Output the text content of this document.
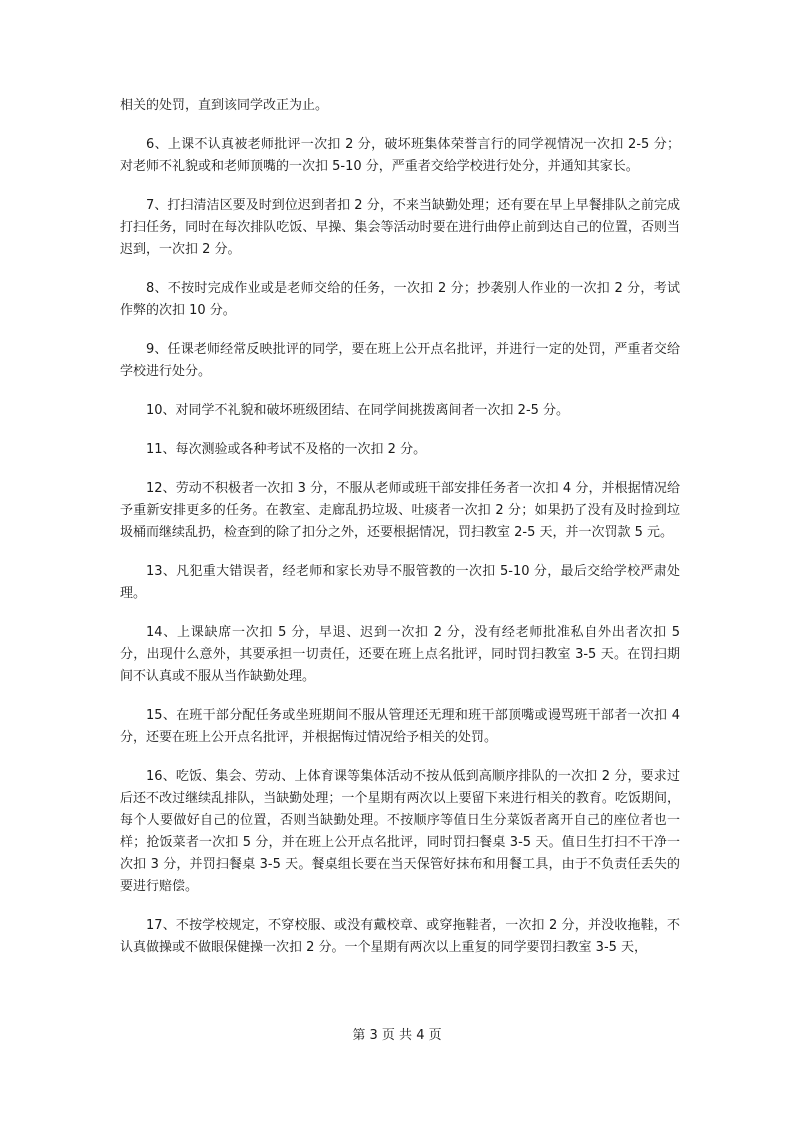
相关的处罚，直到该同学改正为止。

6、上课不认真被老师批评一次扣 2 分，破坏班集体荣誉言行的同学视情况一次扣 2-5 分；对老师不礼貌或和老师顶嘴的一次扣 5-10 分，严重者交给学校进行处分，并通知其家长。

7、打扫清洁区要及时到位迟到者扣 2 分，不来当缺勤处理；还有要在早上早餐排队之前完成打扫任务，同时在每次排队吃饭、早操、集会等活动时要在进行曲停止前到达自己的位置，否则当迟到，一次扣 2 分。

8、不按时完成作业或是老师交给的任务，一次扣 2 分；抄袭别人作业的一次扣 2 分，考试作弊的次扣 10 分。

9、任课老师经常反映批评的同学，要在班上公开点名批评，并进行一定的处罚，严重者交给学校进行处分。

10、对同学不礼貌和破坏班级团结、在同学间挑拨离间者一次扣 2-5 分。

11、每次测验或各种考试不及格的一次扣 2 分。

12、劳动不积极者一次扣 3 分，不服从老师或班干部安排任务者一次扣 4 分，并根据情况给予重新安排更多的任务。在教室、走廊乱扔垃圾、吐痰者一次扣 2 分；如果扔了没有及时捡到垃圾桶而继续乱扔，检查到的除了扣分之外，还要根据情况，罚扫教室 2-5 天，并一次罚款 5 元。

13、凡犯重大错误者，经老师和家长劝导不服管教的一次扣 5-10 分，最后交给学校严肃处理。

14、上课缺席一次扣 5 分，早退、迟到一次扣 2 分，没有经老师批准私自外出者次扣 5 分，出现什么意外，其要承担一切责任，还要在班上点名批评，同时罚扫教室 3-5 天。在罚扫期间不认真或不服从当作缺勤处理。

15、在班干部分配任务或坐班期间不服从管理还无理和班干部顶嘴或谩骂班干部者一次扣 4 分，还要在班上公开点名批评，并根据悔过情况给予相关的处罚。

16、吃饭、集会、劳动、上体育课等集体活动不按从低到高顺序排队的一次扣 2 分，要求过后还不改过继续乱排队，当缺勤处理；一个星期有两次以上要留下来进行相关的教育。吃饭期间，每个人要做好自己的位置，否则当缺勤处理。不按顺序等值日生分菜饭者离开自己的座位者也一样；抢饭菜者一次扣 5 分，并在班上公开点名批评，同时罚扫餐桌 3-5 天。值日生打扫不干净一次扣 3 分，并罚扫餐桌 3-5 天。餐桌组长要在当天保管好抹布和用餐工具，由于不负责任丢失的要进行赔偿。

17、不按学校规定，不穿校服、或没有戴校章、或穿拖鞋者，一次扣 2 分，并没收拖鞋，不认真做操或不做眼保健操一次扣 2 分。一个星期有两次以上重复的同学要罚扫教室 3-5 天，

第 3 页 共 4 页
